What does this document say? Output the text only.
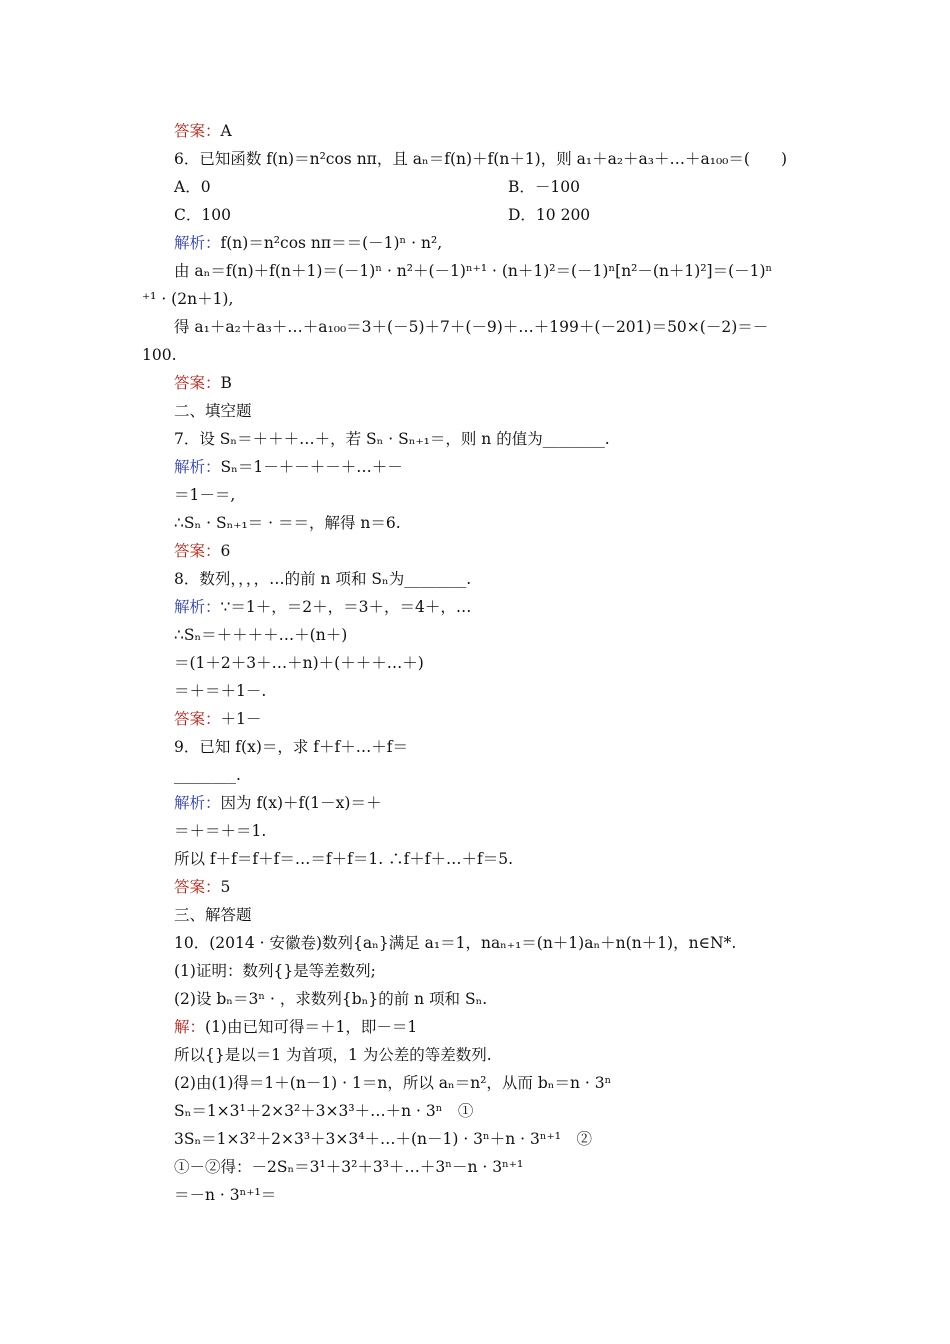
答案：A
6．已知函数 f(n)＝n²cos nπ，且 aₙ＝f(n)＋f(n＋1)，则 a₁＋a₂＋a₃＋…＋a₁₀₀＝(　　)
A．0	B．－100
C．100	D．10 200
解析：f(n)＝n²cos nπ＝＝(－1)ⁿ · n²,
由 aₙ＝f(n)＋f(n＋1)＝(－1)ⁿ · n²＋(－1)ⁿ⁺¹ · (n＋1)²＝(－1)ⁿ[n²－(n＋1)²]＝(－1)ⁿ
⁺¹ · (2n＋1),
得 a₁＋a₂＋a₃＋…＋a₁₀₀＝3＋(－5)＋7＋(－9)＋…＋199＋(－201)＝50×(－2)＝－
100.
答案：B
二、填空题
7．设 Sₙ＝＋＋＋…＋，若 Sₙ · Sₙ₊₁＝，则 n 的值为________.
解析：Sₙ＝1－＋－＋－＋…＋－
＝1－＝,
∴Sₙ · Sₙ₊₁＝ · ＝＝，解得 n＝6.
答案：6
8．数列，，，，…的前 n 项和 Sₙ为________.
解析：∵＝1＋，＝2＋，＝3＋，＝4＋，…
∴Sₙ＝＋＋＋＋…＋(n＋)
＝(1＋2＋3＋…＋n)＋(＋＋＋…＋)
＝＋＝＋1－.
答案：＋1－
9．已知 f(x)＝，求 f＋f＋…＋f＝
________.
解析：因为 f(x)＋f(1－x)＝＋
＝＋＝＋＝1.
所以 f＋f＝f＋f＝…＝f＋f＝1. ∴f＋f＋…＋f＝5.
答案：5
三、解答题
10．(2014 · 安徽卷)数列{aₙ}满足 a₁＝1，naₙ₊₁＝(n＋1)aₙ＋n(n＋1)，n∈N*.
(1)证明：数列{}是等差数列;
(2)设 bₙ＝3ⁿ · ，求数列{bₙ}的前 n 项和 Sₙ.
解：(1)由已知可得＝＋1，即－＝1
所以{}是以＝1 为首项，1 为公差的等差数列.
(2)由(1)得＝1＋(n－1) · 1＝n，所以 aₙ＝n²，从而 bₙ＝n · 3ⁿ
Sₙ＝1×3¹＋2×3²＋3×3³＋…＋n · 3ⁿ　①
3Sₙ＝1×3²＋2×3³＋3×3⁴＋…＋(n－1) · 3ⁿ＋n · 3ⁿ⁺¹　②
①－②得：－2Sₙ＝3¹＋3²＋3³＋…＋3ⁿ－n · 3ⁿ⁺¹
＝－n · 3ⁿ⁺¹＝
